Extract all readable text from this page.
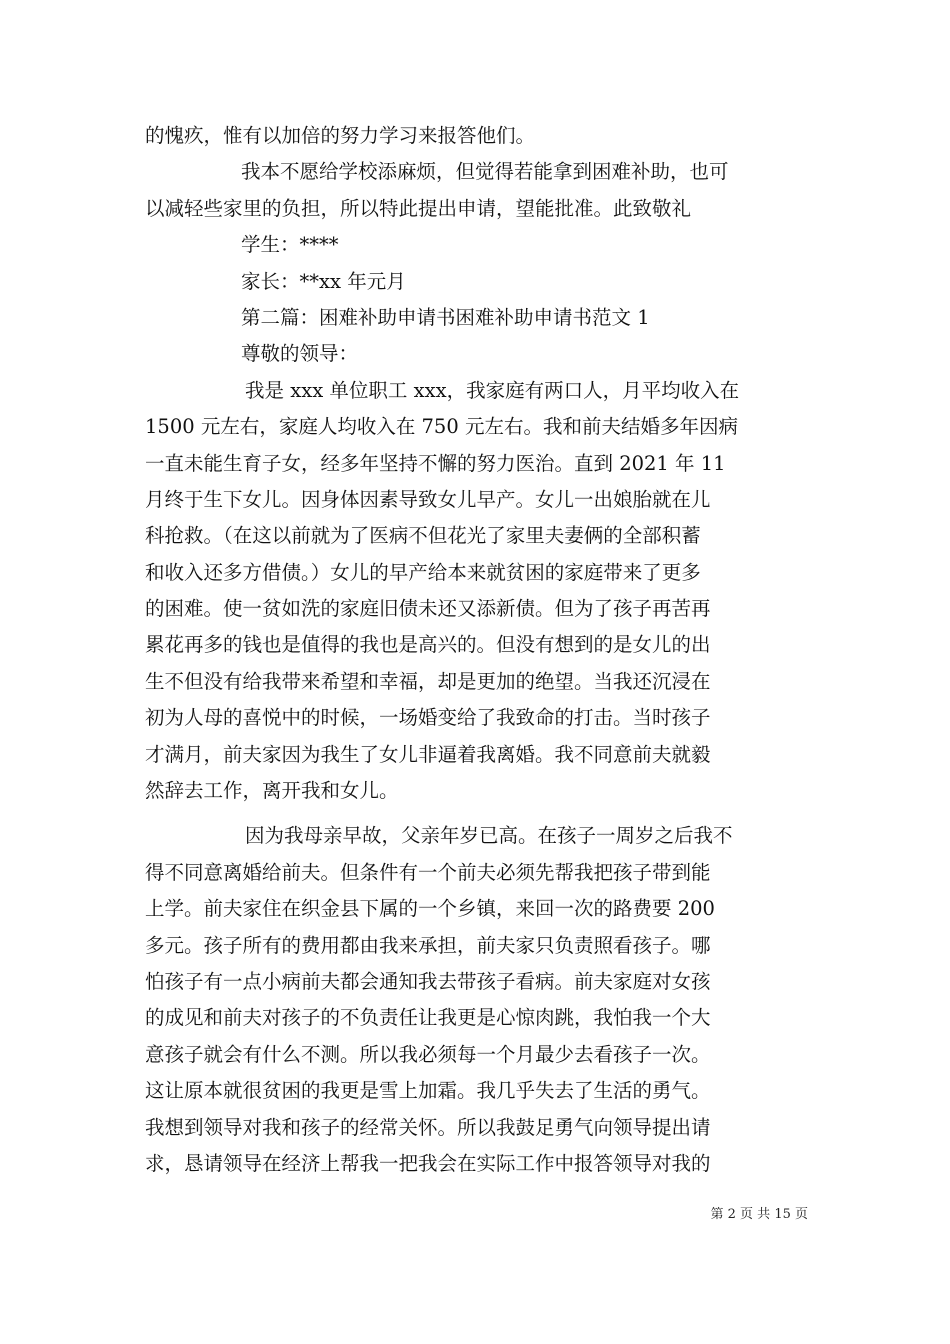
的愧疚，惟有以加倍的努力学习来报答他们。
我本不愿给学校添麻烦，但觉得若能拿到困难补助，也可
以减轻些家里的负担，所以特此提出申请，望能批准。此致敬礼
学生：****
家长：**xx 年元月
第二篇：困难补助申请书困难补助申请书范文 1
尊敬的领导：
我是 xxx 单位职工 xxx，我家庭有两口人，月平均收入在
1500 元左右，家庭人均收入在 750 元左右。我和前夫结婚多年因病
一直未能生育子女，经多年坚持不懈的努力医治。直到 2021 年 11
月终于生下女儿。因身体因素导致女儿早产。女儿一出娘胎就在儿
科抢救。（在这以前就为了医病不但花光了家里夫妻俩的全部积蓄
和收入还多方借债。）女儿的早产给本来就贫困的家庭带来了更多
的困难。使一贫如洗的家庭旧债未还又添新债。但为了孩子再苦再
累花再多的钱也是值得的我也是高兴的。但没有想到的是女儿的出
生不但没有给我带来希望和幸福，却是更加的绝望。当我还沉浸在
初为人母的喜悦中的时候，一场婚变给了我致命的打击。当时孩子
才满月，前夫家因为我生了女儿非逼着我离婚。我不同意前夫就毅
然辞去工作，离开我和女儿。
因为我母亲早故，父亲年岁已高。在孩子一周岁之后我不
得不同意离婚给前夫。但条件有一个前夫必须先帮我把孩子带到能
上学。前夫家住在织金县下属的一个乡镇，来回一次的路费要 200
多元。孩子所有的费用都由我来承担，前夫家只负责照看孩子。哪
怕孩子有一点小病前夫都会通知我去带孩子看病。前夫家庭对女孩
的成见和前夫对孩子的不负责任让我更是心惊肉跳，我怕我一个大
意孩子就会有什么不测。所以我必须每一个月最少去看孩子一次。
这让原本就很贫困的我更是雪上加霜。我几乎失去了生活的勇气。
我想到领导对我和孩子的经常关怀。所以我鼓足勇气向领导提出请
求，恳请领导在经济上帮我一把我会在实际工作中报答领导对我的
第 2 页 共 15 页
